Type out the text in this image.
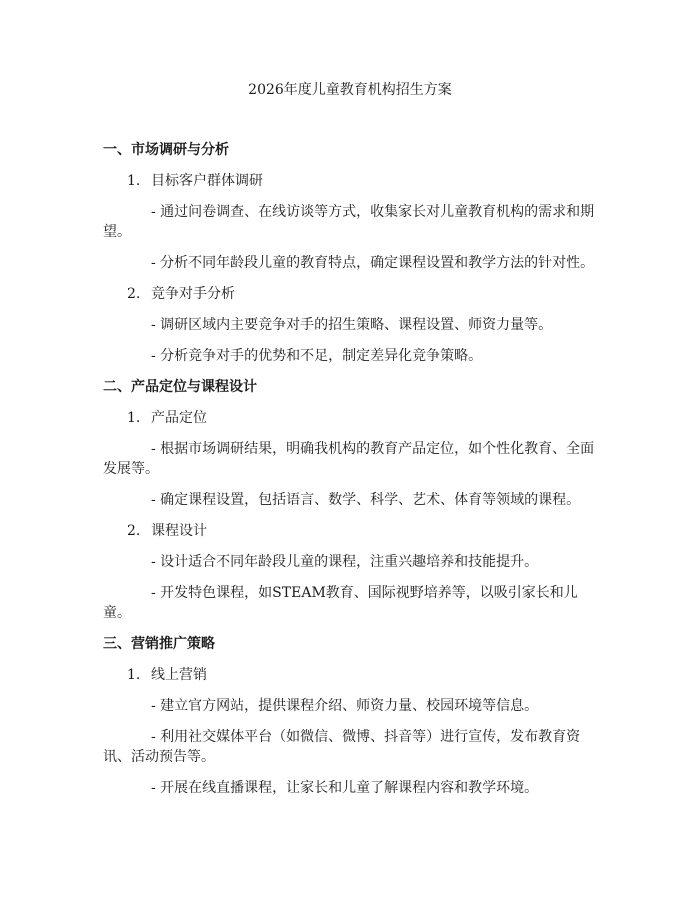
2026年度儿童教育机构招生方案

一、市场调研与分析

1. 目标客户群体调研

- 通过问卷调查、在线访谈等方式，收集家长对儿童教育机构的需求和期望。

- 分析不同年龄段儿童的教育特点，确定课程设置和教学方法的针对性。

2. 竞争对手分析

- 调研区域内主要竞争对手的招生策略、课程设置、师资力量等。

- 分析竞争对手的优势和不足，制定差异化竞争策略。

二、产品定位与课程设计

1. 产品定位

- 根据市场调研结果，明确我机构的教育产品定位，如个性化教育、全面发展等。

- 确定课程设置，包括语言、数学、科学、艺术、体育等领域的课程。

2. 课程设计

- 设计适合不同年龄段儿童的课程，注重兴趣培养和技能提升。

- 开发特色课程，如STEAM教育、国际视野培养等，以吸引家长和儿童。

三、营销推广策略

1. 线上营销

- 建立官方网站，提供课程介绍、师资力量、校园环境等信息。

- 利用社交媒体平台（如微信、微博、抖音等）进行宣传，发布教育资讯、活动预告等。

- 开展在线直播课程，让家长和儿童了解课程内容和教学环境。
